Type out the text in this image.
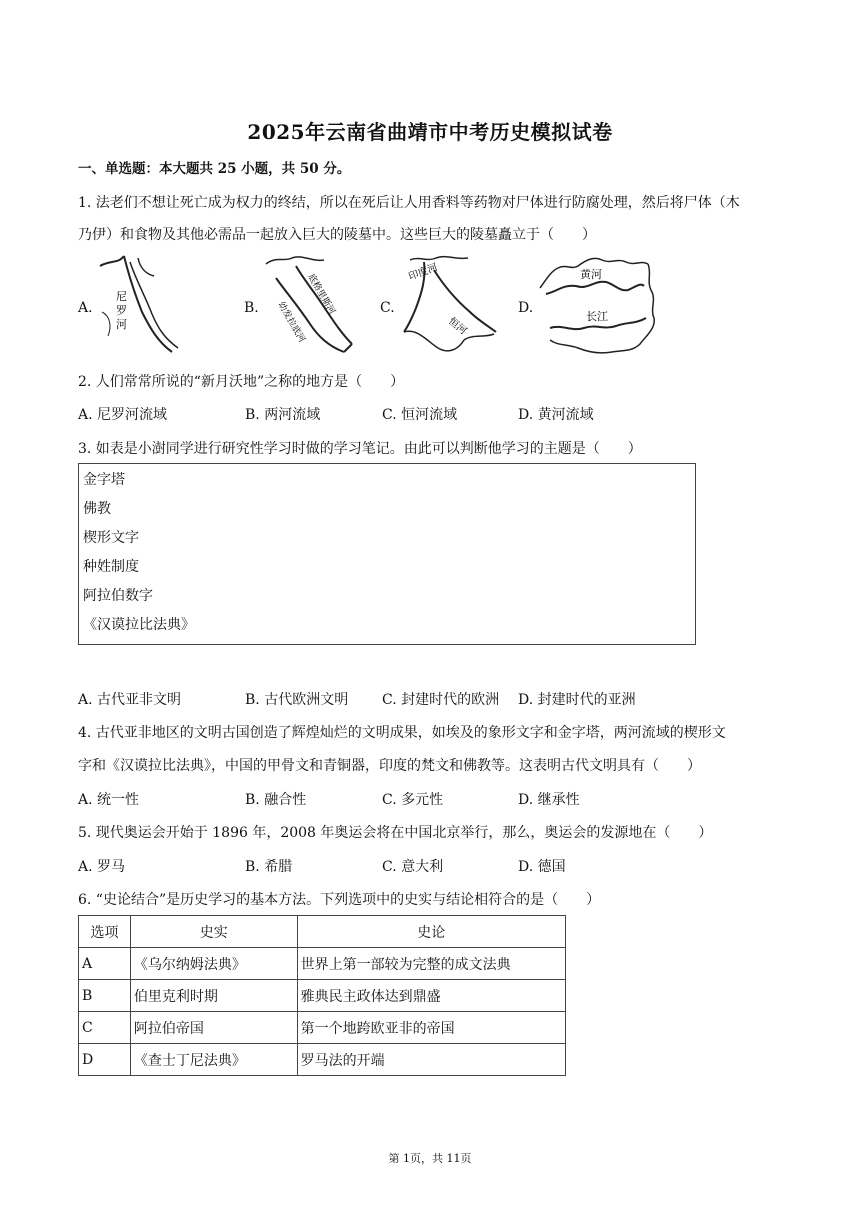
2025年云南省曲靖市中考历史模拟试卷
一、单选题：本大题共 25 小题，共 50 分。
1. 法老们不想让死亡成为权力的终结，所以在死后让人用香料等药物对尸体进行防腐处理，然后将尸体（木
乃伊）和食物及其他必需品一起放入巨大的陵墓中。这些巨大的陵墓矗立于（　　）
A.
尼
罗
河
B. 幼发拉底河
底格里斯河	C.
印度河
恒河
D.
黄河
长江
2. 人们常常所说的“新月沃地”之称的地方是（　　）
A. 尼罗河流域	B. 两河流域	C. 恒河流域	D. 黄河流域
3. 如表是小澍同学进行研究性学习时做的学习笔记。由此可以判断他学习的主题是（　　）
金字塔
佛教
楔形文字
种姓制度
阿拉伯数字
《汉谟拉比法典》
A. 古代亚非文明	B. 古代欧洲文明 C. 封建时代的欧洲 D. 封建时代的亚洲
4. 古代亚非地区的文明古国创造了辉煌灿烂的文明成果，如埃及的象形文字和金字塔，两河流域的楔形文
字和《汉谟拉比法典》，中国的甲骨文和青铜器，印度的梵文和佛教等。这表明古代文明具有（　　）
A. 统一性	B. 融合性	C. 多元性	D. 继承性
5. 现代奥运会开始于 1896 年，2008 年奥运会将在中国北京举行，那么，奥运会的发源地在（　　）
A. 罗马	B. 希腊	C. 意大利	D. 德国
6. “史论结合”是历史学习的基本方法。下列选项中的史实与结论相符合的是（　　）
选项	史实	史论
A	《乌尔纳姆法典》	世界上第一部较为完整的成文法典
B	伯里克利时期	雅典民主政体达到鼎盛
C	阿拉伯帝国	第一个地跨欧亚非的帝国
D	《查士丁尼法典》	罗马法的开端
第 1页，共 11页
